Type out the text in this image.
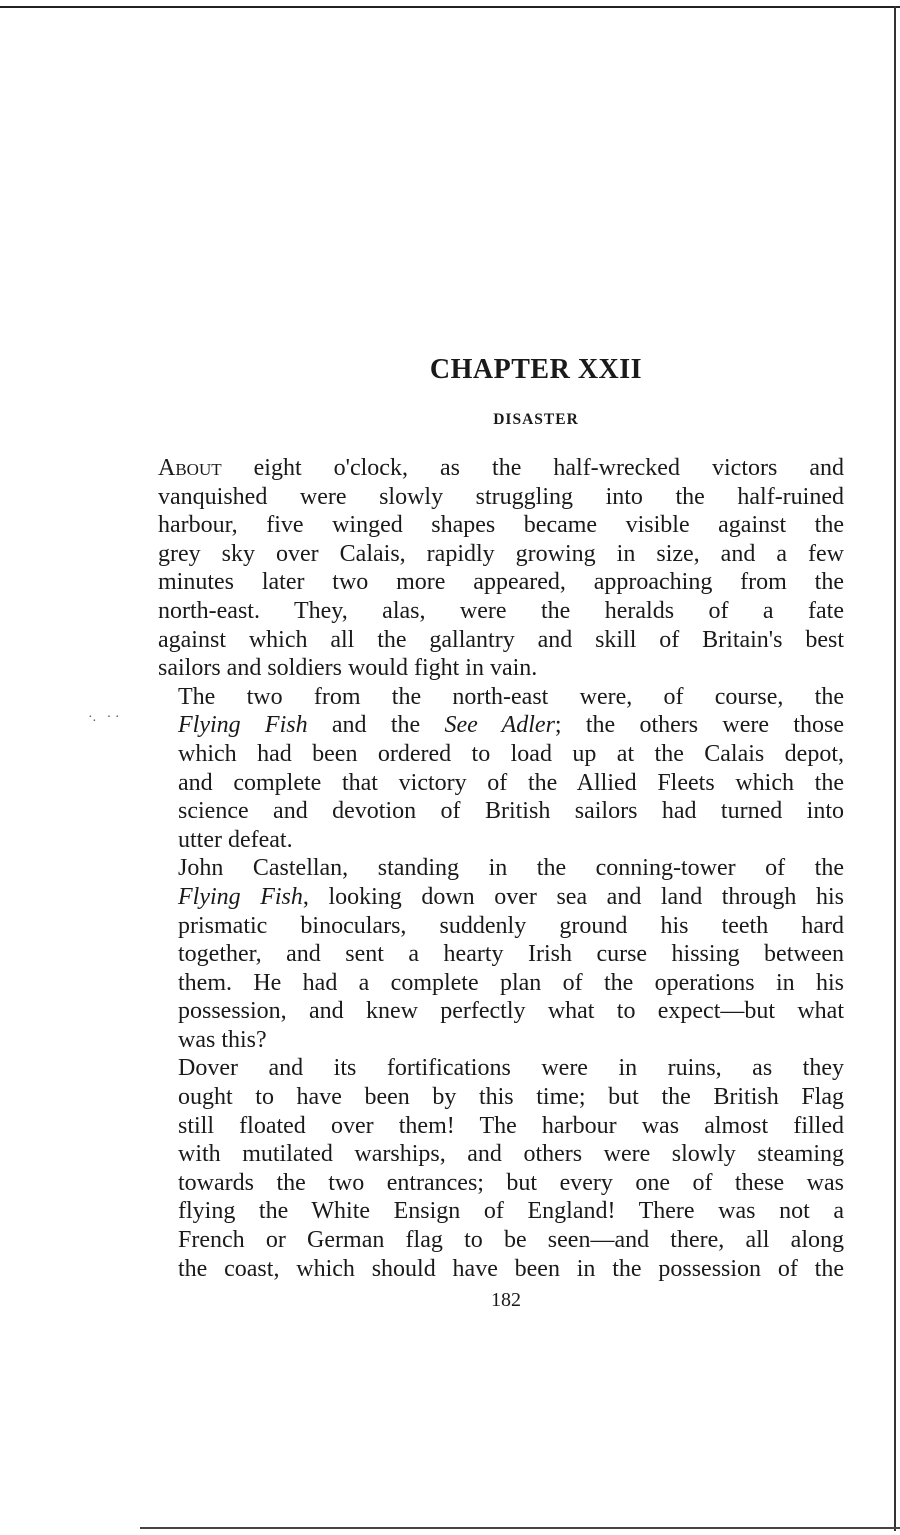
·.   · ·
CHAPTER XXII
DISASTER

About eight o'clock, as the half-wrecked victors and
vanquished were slowly struggling into the half-ruined
harbour, five winged shapes became visible against the
grey sky over Calais, rapidly growing in size, and a few
minutes later two more appeared, approaching from the
north-east. They, alas, were the heralds of a fate
against which all the gallantry and skill of Britain's best
sailors and soldiers would fight in vain.

The two from the north-east were, of course, the
Flying Fish and the See Adler; the others were those
which had been ordered to load up at the Calais depot,
and complete that victory of the Allied Fleets which the
science and devotion of British sailors had turned into
utter defeat.

John Castellan, standing in the conning-tower of the
Flying Fish, looking down over sea and land through his
prismatic binoculars, suddenly ground his teeth hard
together, and sent a hearty Irish curse hissing between
them. He had a complete plan of the operations in his
possession, and knew perfectly what to expect—but what
was this?

Dover and its fortifications were in ruins, as they
ought to have been by this time; but the British Flag
still floated over them! The harbour was almost filled
with mutilated warships, and others were slowly steaming
towards the two entrances; but every one of these was
flying the White Ensign of England! There was not a
French or German flag to be seen—and there, all along
the coast, which should have been in the possession of the

182
